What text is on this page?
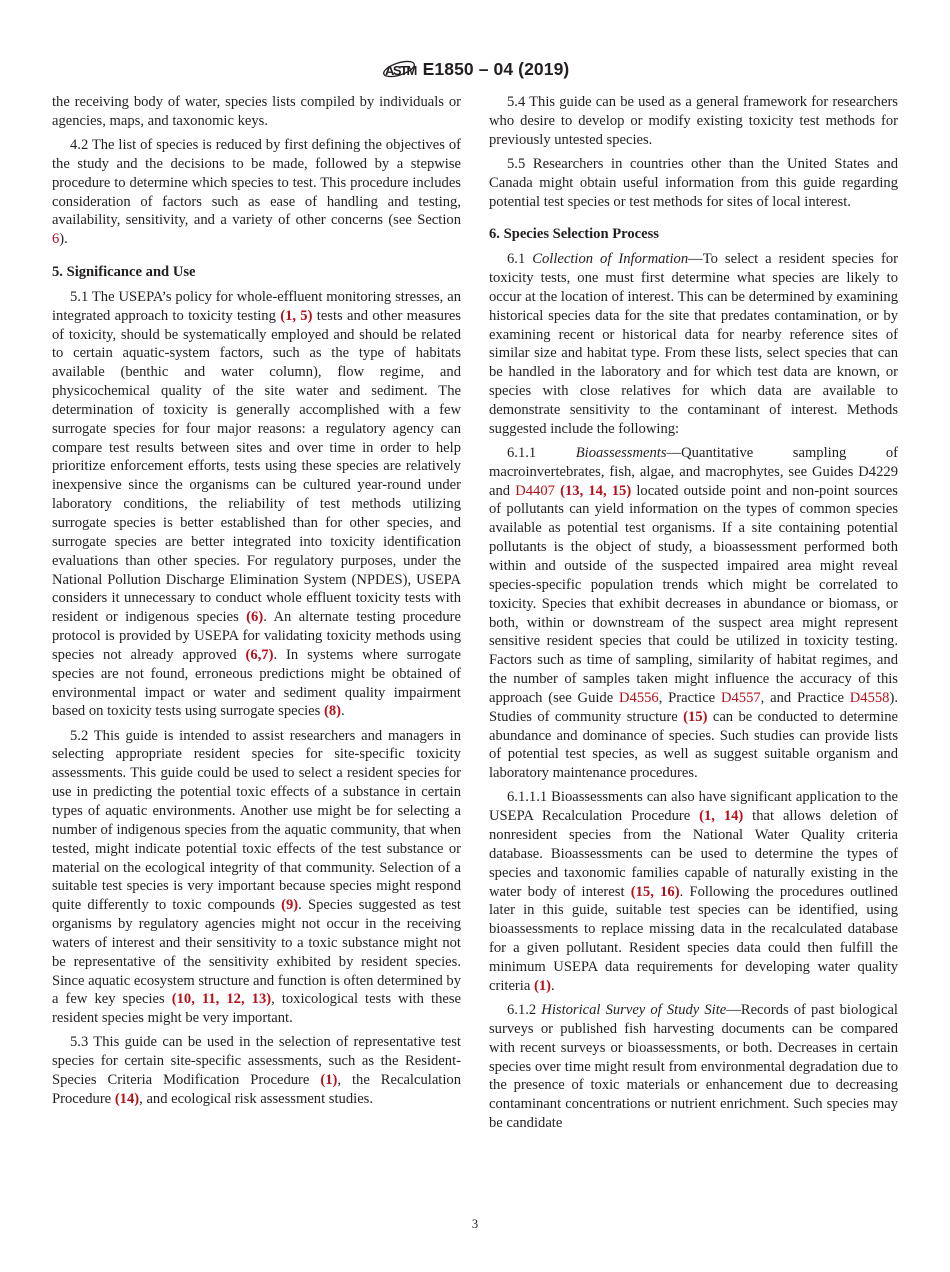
ASTM E1850 – 04 (2019)

the receiving body of water, species lists compiled by individuals or agencies, maps, and taxonomic keys.

4.2 The list of species is reduced by first defining the objectives of the study and the decisions to be made, followed by a stepwise procedure to determine which species to test. This procedure includes consideration of factors such as ease of handling and testing, availability, sensitivity, and a variety of other concerns (see Section 6).

5. Significance and Use

5.1 The USEPA’s policy for whole-effluent monitoring stresses, an integrated approach to toxicity testing (1, 5) tests and other measures of toxicity, should be systematically employed and should be related to certain aquatic-system factors, such as the type of habitats available (benthic and water column), flow regime, and physicochemical quality of the site water and sediment. The determination of toxicity is generally accomplished with a few surrogate species for four major reasons: a regulatory agency can compare test results between sites and over time in order to help prioritize enforcement efforts, tests using these species are relatively inexpensive since the organisms can be cultured year-round under laboratory conditions, the reliability of test methods utilizing surrogate species is better established than for other species, and surrogate species are better integrated into toxicity identification evaluations than other species. For regulatory purposes, under the National Pollution Discharge Elimination System (NPDES), USEPA considers it unnecessary to conduct whole effluent toxicity tests with resident or indigenous species (6). An alternate testing procedure protocol is provided by USEPA for validating toxicity methods using species not already approved (6,7). In systems where surrogate species are not found, erroneous predictions might be obtained of environmental impact or water and sediment quality impairment based on toxicity tests using surrogate species (8).

5.2 This guide is intended to assist researchers and managers in selecting appropriate resident species for site-specific toxicity assessments. This guide could be used to select a resident species for use in predicting the potential toxic effects of a substance in certain types of aquatic environments. Another use might be for selecting a number of indigenous species from the aquatic community, that when tested, might indicate potential toxic effects of the test substance or material on the ecological integrity of that community. Selection of a suitable test species is very important because species might respond quite differently to toxic compounds (9). Species suggested as test organisms by regulatory agencies might not occur in the receiving waters of interest and their sensitivity to a toxic substance might not be representative of the sensitivity exhibited by resident species. Since aquatic ecosystem structure and function is often determined by a few key species (10, 11, 12, 13), toxicological tests with these resident species might be very important.

5.3 This guide can be used in the selection of representative test species for certain site-specific assessments, such as the Resident-Species Criteria Modification Procedure (1), the Recalculation Procedure (14), and ecological risk assessment studies.

5.4 This guide can be used as a general framework for researchers who desire to develop or modify existing toxicity test methods for previously untested species.

5.5 Researchers in countries other than the United States and Canada might obtain useful information from this guide regarding potential test species or test methods for sites of local interest.

6. Species Selection Process

6.1 Collection of Information—To select a resident species for toxicity tests, one must first determine what species are likely to occur at the location of interest. This can be determined by examining historical species data for the site that predates contamination, or by examining recent or historical data for nearby reference sites of similar size and habitat type. From these lists, select species that can be handled in the laboratory and for which test data are known, or species with close relatives for which data are available to demonstrate sensitivity to the contaminant of interest. Methods suggested include the following:

6.1.1 Bioassessments—Quantitative sampling of macroinvertebrates, fish, algae, and macrophytes, see Guides D4229 and D4407 (13, 14, 15) located outside point and non-point sources of pollutants can yield information on the types of common species available as potential test organisms. If a site containing potential pollutants is the object of study, a bioassessment performed both within and outside of the suspected impaired area might reveal species-specific population trends which might be correlated to toxicity. Species that exhibit decreases in abundance or biomass, or both, within or downstream of the suspect area might represent sensitive resident species that could be utilized in toxicity testing. Factors such as time of sampling, similarity of habitat regimes, and the number of samples taken might influence the accuracy of this approach (see Guide D4556, Practice D4557, and Practice D4558). Studies of community structure (15) can be conducted to determine abundance and dominance of species. Such studies can provide lists of potential test species, as well as suggest suitable organism and laboratory maintenance procedures.

6.1.1.1 Bioassessments can also have significant application to the USEPA Recalculation Procedure (1, 14) that allows deletion of nonresident species from the National Water Quality criteria database. Bioassessments can be used to determine the types of species and taxonomic families capable of naturally existing in the water body of interest (15, 16). Following the procedures outlined later in this guide, suitable test species can be identified, using bioassessments to replace missing data in the recalculated database for a given pollutant. Resident species data could then fulfill the minimum USEPA data requirements for developing water quality criteria (1).

6.1.2 Historical Survey of Study Site—Records of past biological surveys or published fish harvesting documents can be compared with recent surveys or bioassessments, or both. Decreases in certain species over time might result from environmental degradation due to the presence of toxic materials or enhancement due to decreasing contaminant concentrations or nutrient enrichment. Such species may be candidate

3
